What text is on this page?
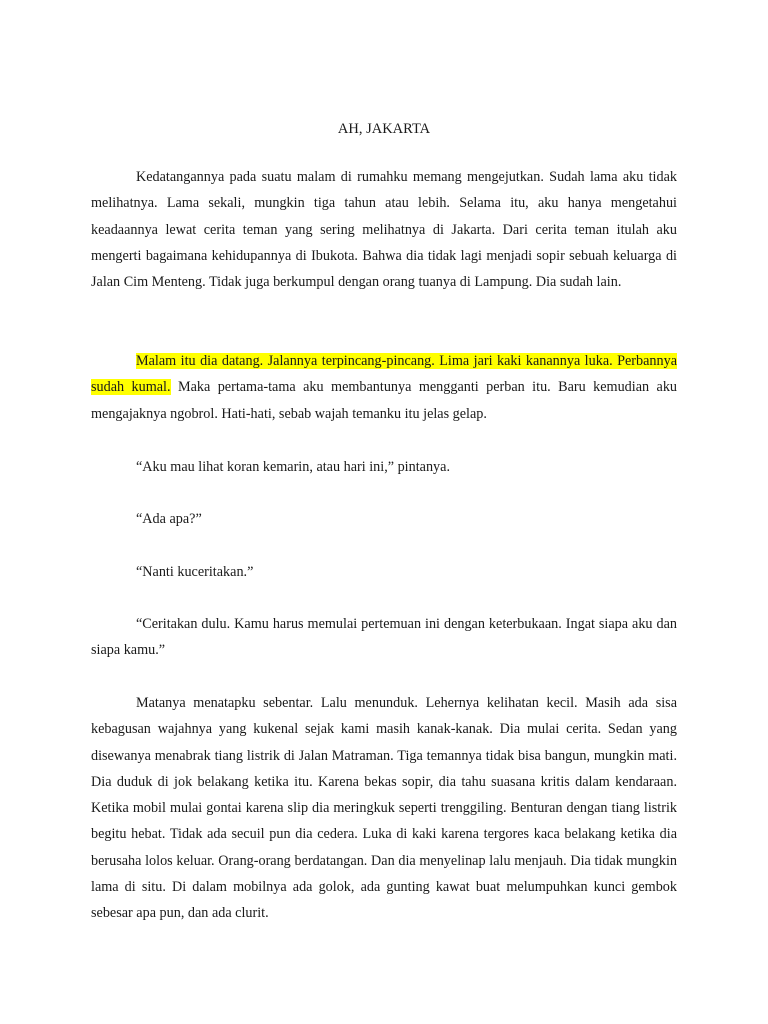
AH, JAKARTA

Kedatangannya pada suatu malam di rumahku memang mengejutkan. Sudah lama aku tidak melihatnya. Lama sekali, mungkin tiga tahun atau lebih. Selama itu, aku hanya mengetahui keadaannya lewat cerita teman yang sering melihatnya di Jakarta. Dari cerita teman itulah aku mengerti bagaimana kehidupannya di Ibukota. Bahwa dia tidak lagi menjadi sopir sebuah keluarga di Jalan Cim Menteng. Tidak juga berkumpul dengan orang tuanya di Lampung. Dia sudah lain.

Malam itu dia datang. Jalannya terpincang-pincang. Lima jari kaki kanannya luka. Perbannya sudah kumal. Maka pertama-tama aku membantunya mengganti perban itu. Baru kemudian aku mengajaknya ngobrol. Hati-hati, sebab wajah temanku itu jelas gelap.

“Aku mau lihat koran kemarin, atau hari ini,” pintanya.

“Ada apa?”

“Nanti kuceritakan.”

“Ceritakan dulu. Kamu harus memulai pertemuan ini dengan keterbukaan. Ingat siapa aku dan siapa kamu.”

Matanya menatapku sebentar. Lalu menunduk. Lehernya kelihatan kecil. Masih ada sisa kebagusan wajahnya yang kukenal sejak kami masih kanak-kanak. Dia mulai cerita. Sedan yang disewanya menabrak tiang listrik di Jalan Matraman. Tiga temannya tidak bisa bangun, mungkin mati. Dia duduk di jok belakang ketika itu. Karena bekas sopir, dia tahu suasana kritis dalam kendaraan. Ketika mobil mulai gontai karena slip dia meringkuk seperti trenggiling. Benturan dengan tiang listrik begitu hebat. Tidak ada secuil pun dia cedera. Luka di kaki karena tergores kaca belakang ketika dia berusaha lolos keluar. Orang-orang berdatangan. Dan dia menyelinap lalu menjauh. Dia tidak mungkin lama di situ. Di dalam mobilnya ada golok, ada gunting kawat buat melumpuhkan kunci gembok sebesar apa pun, dan ada clurit.
